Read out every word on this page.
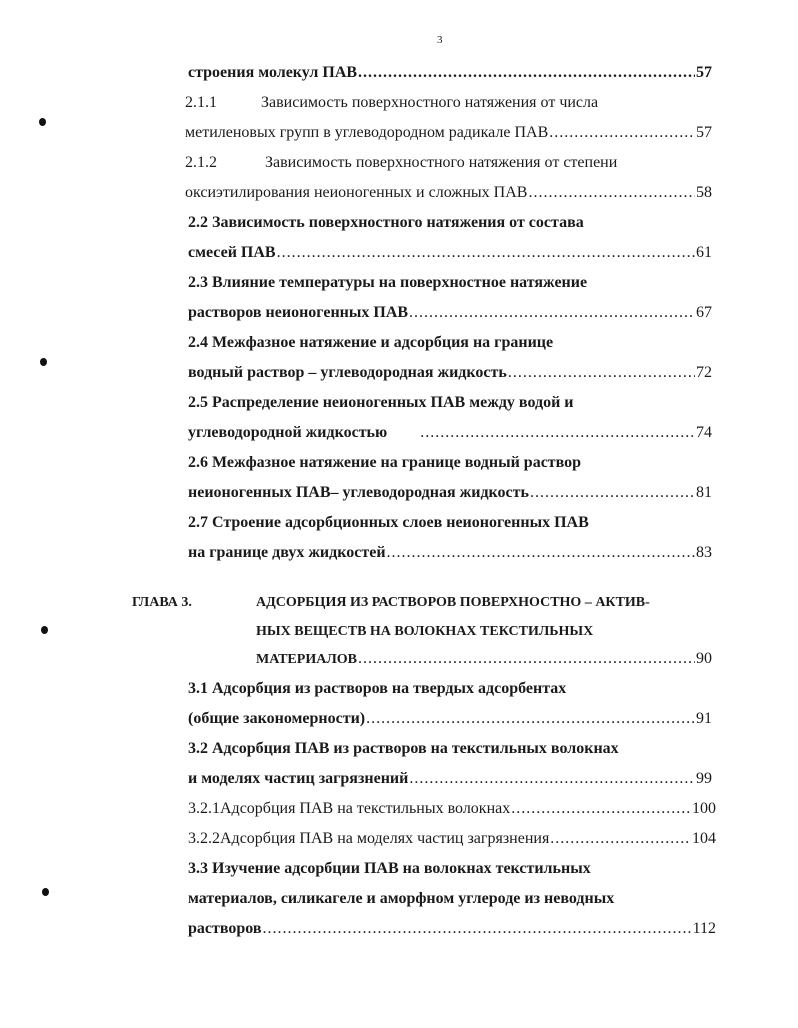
3
строения молекул ПАВ .....	57
2.1.1	Зависимость поверхностного натяжения от числа
метиленовых групп в углеводородном радикале ПАВ .....	57
2.1.2	Зависимость поверхностного натяжения от степени
оксиэтилирования неионогенных и сложных ПАВ .....	58
2.2 Зависимость поверхностного натяжения от состава
смесей ПАВ .....	61
2.3 Влияние температуры на поверхностное натяжение
растворов неионогенных ПАВ .....	67
2.4 Межфазное натяжение и адсорбция на границе
водный раствор – углеводородная жидкость .....	72
2.5 Распределение неионогенных ПАВ между водой и
углеводородной жидкостью .....	74
2.6 Межфазное натяжение на границе водный раствор
неионогенных ПАВ– углеводородная жидкость .....	81
2.7 Строение адсорбционных слоев неионогенных ПАВ
на границе двух жидкостей .....	83
ГЛАВА 3.	АДСОРБЦИЯ ИЗ РАСТВОРОВ ПОВЕРХНОСТНО – АКТИВ-
НЫХ ВЕЩЕСТВ НА ВОЛОКНАХ ТЕКСТИЛЬНЫХ
МАТЕРИАЛОВ .....	90
3.1 Адсорбция из растворов на твердых адсорбентах
(общие закономерности) .....	91
3.2 Адсорбция ПАВ из растворов на текстильных волокнах
и моделях частиц загрязнений .....	99
3.2.1 Адсорбция ПАВ на текстильных волокнах .....	100
3.2.2 Адсорбция ПАВ на моделях частиц загрязнения .....	104
3.3 Изучение адсорбции ПАВ на волокнах текстильных
материалов, силикагеле и аморфном углероде из неводных
растворов .....	112
